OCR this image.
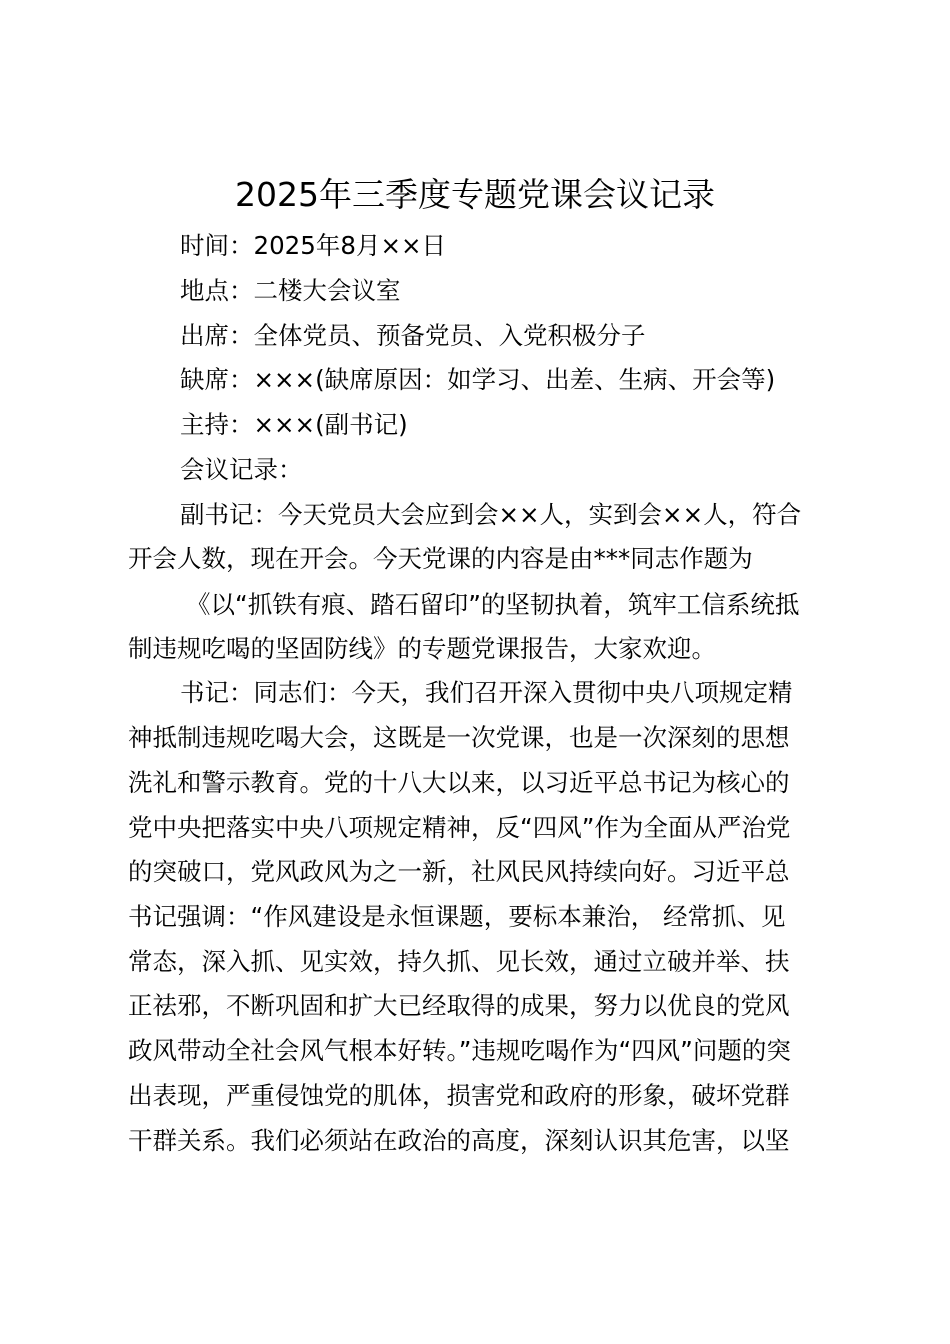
2025年三季度专题党课会议记录
时间：2025年8月××日
地点：二楼大会议室
出席：全体党员、预备党员、入党积极分子
缺席：×××(缺席原因：如学习、出差、生病、开会等)
主持：×××(副书记)
会议记录：
副书记：今天党员大会应到会××人，实到会××人，符合
开会人数，现在开会。今天党课的内容是由***同志作题为
《以“抓铁有痕、踏石留印”的坚韧执着，筑牢工信系统抵
制违规吃喝的坚固防线》的专题党课报告，大家欢迎。
书记：同志们：今天，我们召开深入贯彻中央八项规定精
神抵制违规吃喝大会，这既是一次党课，也是一次深刻的思想
洗礼和警示教育。党的十八大以来，以习近平总书记为核心的
党中央把落实中央八项规定精神，反“四风”作为全面从严治党
的突破口，党风政风为之一新，社风民风持续向好。习近平总
书记强调：“作风建设是永恒课题，要标本兼治， 经常抓、见
常态，深入抓、见实效，持久抓、见长效，通过立破并举、扶
正祛邪，不断巩固和扩大已经取得的成果，努力以优良的党风
政风带动全社会风气根本好转。”违规吃喝作为“四风”问题的突
出表现，严重侵蚀党的肌体，损害党和政府的形象，破坏党群
干群关系。我们必须站在政治的高度，深刻认识其危害，以坚
